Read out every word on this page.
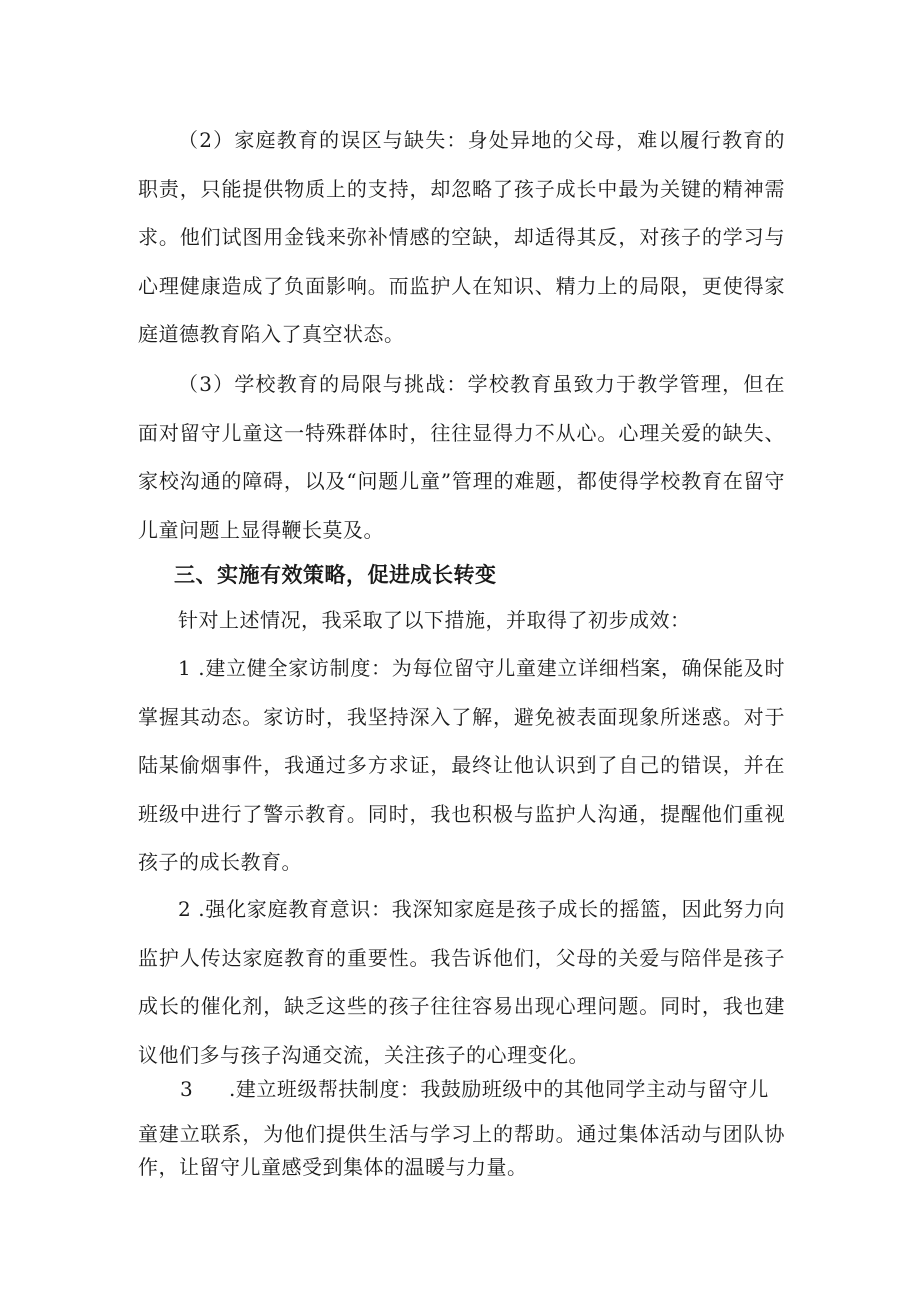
（2）家庭教育的误区与缺失：身处异地的父母，难以履行教育的职责，只能提供物质上的支持，却忽略了孩子成长中最为关键的精神需求。他们试图用金钱来弥补情感的空缺，却适得其反，对孩子的学习与心理健康造成了负面影响。而监护人在知识、精力上的局限，更使得家庭道德教育陷入了真空状态。

（3）学校教育的局限与挑战：学校教育虽致力于教学管理，但在面对留守儿童这一特殊群体时，往往显得力不从心。心理关爱的缺失、家校沟通的障碍，以及“问题儿童”管理的难题，都使得学校教育在留守儿童问题上显得鞭长莫及。

三、实施有效策略，促进成长转变

针对上述情况，我采取了以下措施，并取得了初步成效：

1 .建立健全家访制度：为每位留守儿童建立详细档案，确保能及时掌握其动态。家访时，我坚持深入了解，避免被表面现象所迷惑。对于陆某偷烟事件，我通过多方求证，最终让他认识到了自己的错误，并在班级中进行了警示教育。同时，我也积极与监护人沟通，提醒他们重视孩子的成长教育。

2 .强化家庭教育意识：我深知家庭是孩子成长的摇篮，因此努力向监护人传达家庭教育的重要性。我告诉他们，父母的关爱与陪伴是孩子成长的催化剂，缺乏这些的孩子往往容易出现心理问题。同时，我也建议他们多与孩子沟通交流，关注孩子的心理变化。

3 .建立班级帮扶制度：我鼓励班级中的其他同学主动与留守儿

童建立联系，为他们提供生活与学习上的帮助。通过集体活动与团队协作，让留守儿童感受到集体的温暖与力量。
